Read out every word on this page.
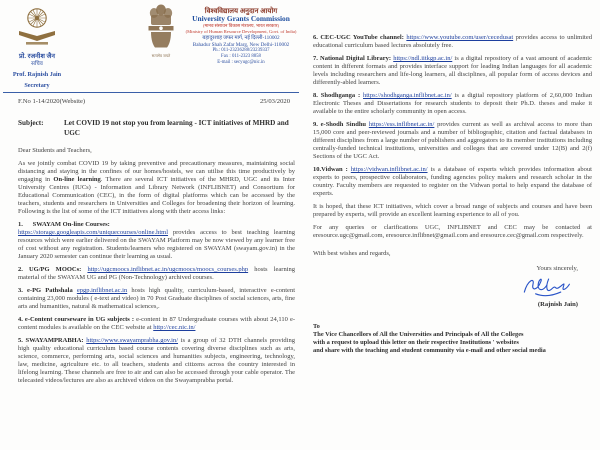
प्रो. रजनीश जैन
सचिव
Prof. Rajnish Jain
Secretary
सत्यमेव जयते
विश्वविद्यालय अनुदान आयोग
University Grants Commission
(मानव संसाधन विकास मंत्रालय, भारत सरकार)
(Ministry of Human Resource Development, Govt. of India)
बहादुरशाह जफर मार्ग, नई दिल्ली-110002
Bahadur Shah Zafar Marg, New Delhi-110002
Ph.: 011-23236288/23239337
Fax : 011-2323 8858
E-mail : secyugc@nic.in
F.No 1-14/2020(Website)	25/03/2020
Subject:	Let COVID 19 not stop you from learning - ICT initiatives of MHRD and UGC

Dear Students and Teachers,

As we jointly combat COVID 19 by taking preventive and precautionary measures, maintaining social distancing and staying in the confines of our homes/hostels, we can utilise this time productively by engaging in On-line learning. There are several ICT initiatives of the MHRD, UGC and its Inter University Centres (IUCs) - Information and Library Network (INFLIBNET) and Consortium for Educational Communication (CEC), in the form of digital platforms which can be accessed by the teachers, students and researchers in Universities and Colleges for broadening their horizon of learning. Following is the list of some of the ICT initiatives along with their access links:

1.      SWAYAM On-line Courses:
https://storage.googleapis.com/uniquecourses/online.html provides access to best teaching learning resources which were earlier delivered on the SWAYAM Platform may be now viewed by any learner free of cost without any registration. Students/learners who registered on SWAYAM (swayam.gov.in) in the January 2020 semester can continue their learning as usual.

2. UG/PG MOOCs: http://ugcmoocs.inflibnet.ac.in/ugcmoocs/moocs_courses.php hosts learning material of the SWAYAM UG and PG (Non-Technology) archived courses.

3. e-PG Pathshala epgp.inflibnet.ac.in hosts high quality, curriculum-based, interactive e-content containing 23,000 modules ( e-text and video) in 70 Post Graduate disciplines of social sciences, arts, fine arts and humanities, natural & mathematical sciences,.

4. e-Content courseware in UG subjects : e-content in 87 Undergraduate courses with about 24,110 e-content modules is available on the CEC website at http://cec.nic.in/

5. SWAYAMPRABHA: https://www.swayamprabha.gov.in/ is a group of 32 DTH channels providing high quality educational curriculum based course contents covering diverse disciplines such as arts, science, commerce, performing arts, social sciences and humanities subjects, engineering, technology, law, medicine, agriculture etc. to all teachers, students and citizens across the country interested in lifelong learning. These channels are free to air and can also be accessed through your cable operator. The telecasted videos/lectures are also as archived videos on the Swayamprabha portal.

6. CEC-UGC YouTube channel: https://www.youtube.com/user/cecedusat provides access to unlimited educational curriculum based lectures absolutely free.

7. National Digital Library: https://ndl.iitkgp.ac.in/ is a digital repository of a vast amount of academic content in different formats and provides interface support for leading Indian languages for all academic levels including researchers and life-long learners, all disciplines, all popular form of access devices and differently-abled learners.

8. Shodhganga : https://shodhganga.inflibnet.ac.in/ is a digital repository platform of 2,60,000 Indian Electronic Theses and Dissertations for research students to deposit their Ph.D. theses and make it available to the entire scholarly community in open access.

9. e-Shodh Sindhu https://ess.inflibnet.ac.in/ provides current as well as archival access to more than 15,000 core and peer-reviewed journals and a number of bibliographic, citation and factual databases in different disciplines from a large number of publishers and aggregators to its member institutions including centrally-funded technical institutions, universities and colleges that are covered under 12(B) and 2(f) Sections of the UGC Act.

10.Vidwan : https://vidwan.inflibnet.ac.in/ is a database of experts which provides information about experts to peers, prospective collaborators, funding agencies policy makers and research scholar in the country. Faculty members are requested to register on the Vidwan portal to help expand the database of experts.

It is hoped, that these ICT initiatives, which cover a broad range of subjects and courses and have been prepared by experts, will provide an excellent learning experience to all of you.

For any queries or clarifications UGC, INFLIBNET and CEC may be contacted at eresource.ugc@gmail.com, eresource.inflibnet@gmail.com and eresource.cec@gmail.com respectively.

With best wishes and regards,

Yours sincerely,
(Rajnish Jain)
To
The Vice Chancellors of All the Universities and Principals of All the Colleges
with a request to upload this letter on their respective Institutions ' websites
and share with the teaching and student community via e-mail and other social media
